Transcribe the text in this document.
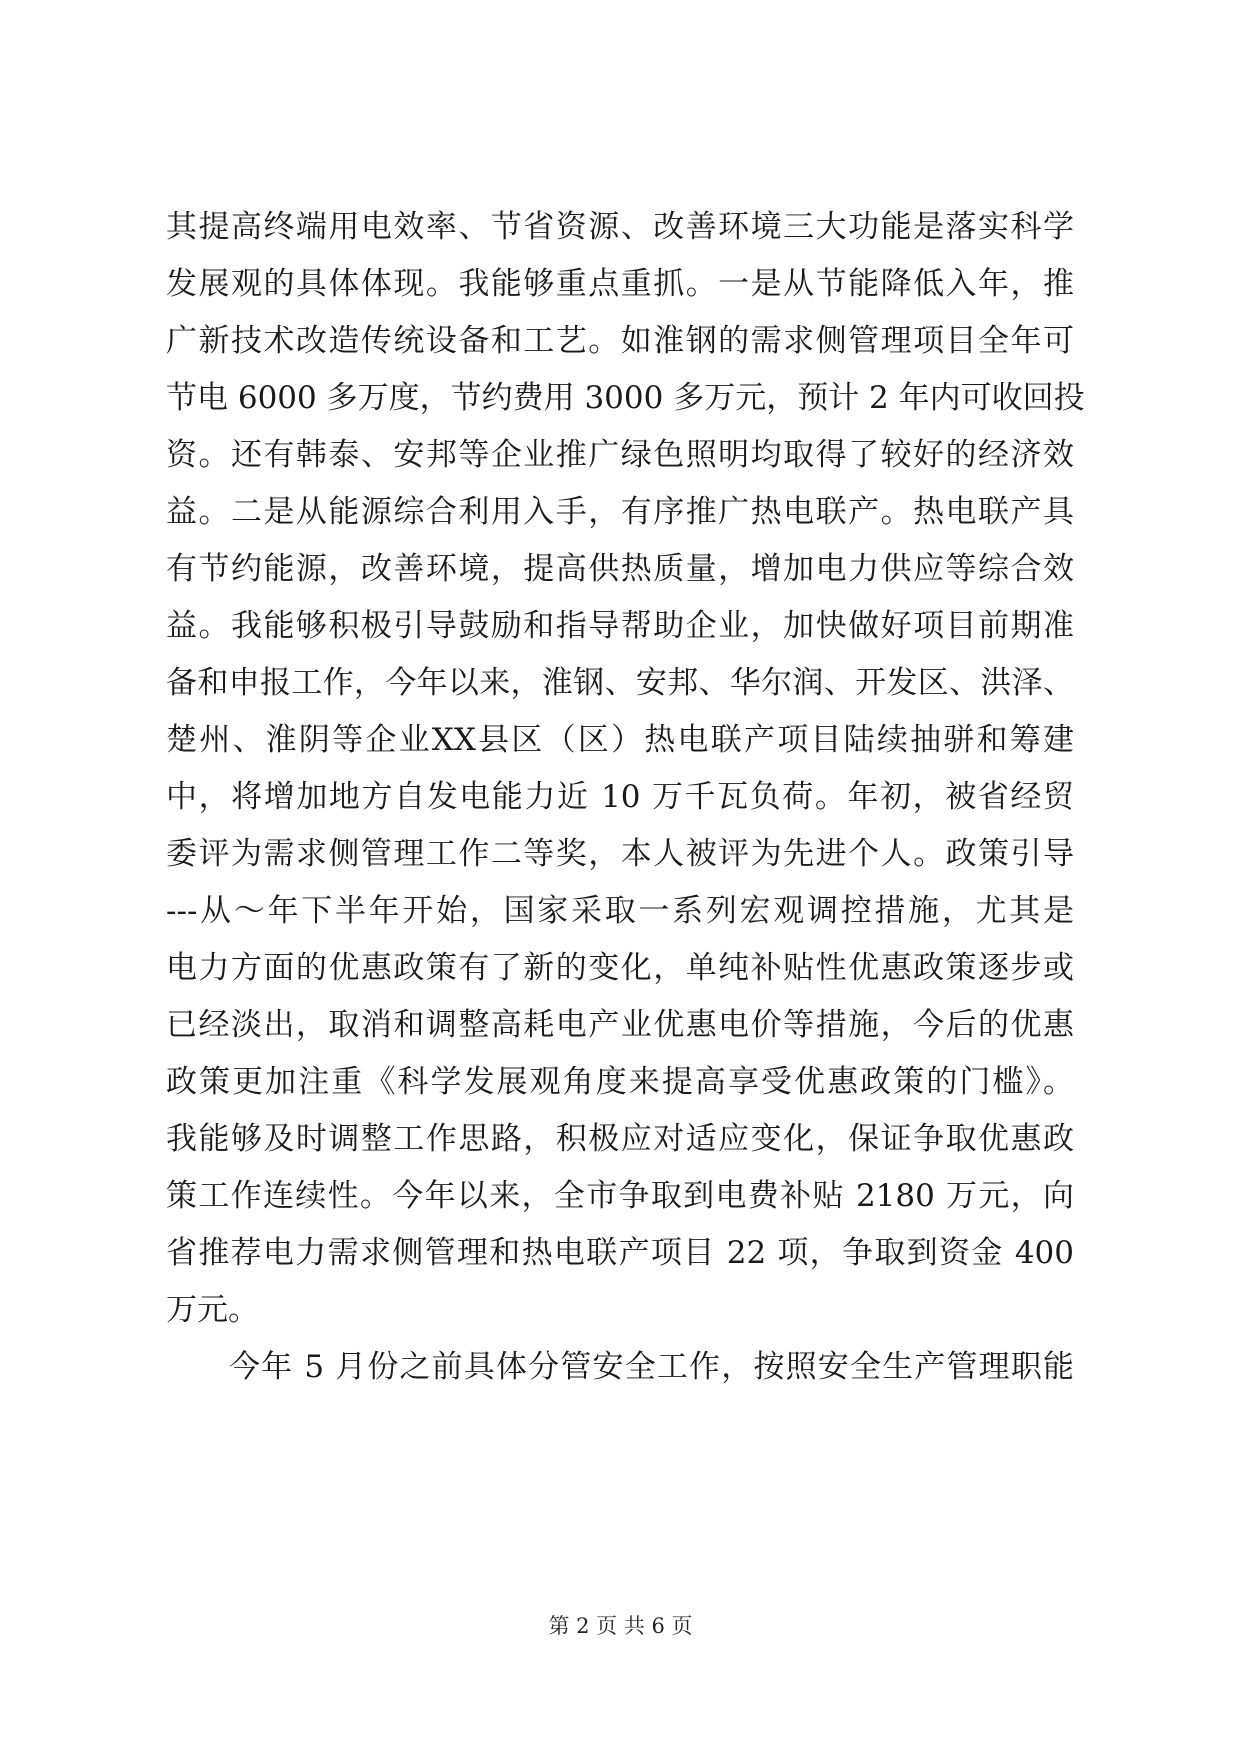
其提高终端用电效率、节省资源、改善环境三大功能是落实科学
发展观的具体体现。我能够重点重抓。一是从节能降低入年，推
广新技术改造传统设备和工艺。如淮钢的需求侧管理项目全年可
节电 6000 多万度，节约费用 3000 多万元，预计 2 年内可收回投
资。还有韩泰、安邦等企业推广绿色照明均取得了较好的经济效
益。二是从能源综合利用入手，有序推广热电联产。热电联产具
有节约能源，改善环境，提高供热质量，增加电力供应等综合效
益。我能够积极引导鼓励和指导帮助企业，加快做好项目前期准
备和申报工作，今年以来，淮钢、安邦、华尔润、开发区、洪泽、
楚州、淮阴等企业XX县区（区）热电联产项目陆续抽骈和筹建
中，将增加地方自发电能力近 10 万千瓦负荷。年初，被省经贸
委评为需求侧管理工作二等奖，本人被评为先进个人。政策引导
---从～年下半年开始，国家采取一系列宏观调控措施，尤其是
电力方面的优惠政策有了新的变化，单纯补贴性优惠政策逐步或
已经淡出，取消和调整高耗电产业优惠电价等措施，今后的优惠
政策更加注重《科学发展观角度来提高享受优惠政策的门槛》。
我能够及时调整工作思路，积极应对适应变化，保证争取优惠政
策工作连续性。今年以来，全市争取到电费补贴 2180 万元，向
省推荐电力需求侧管理和热电联产项目 22 项，争取到资金 400
万元。
今年 5 月份之前具体分管安全工作，按照安全生产管理职能
第 2 页 共 6 页
